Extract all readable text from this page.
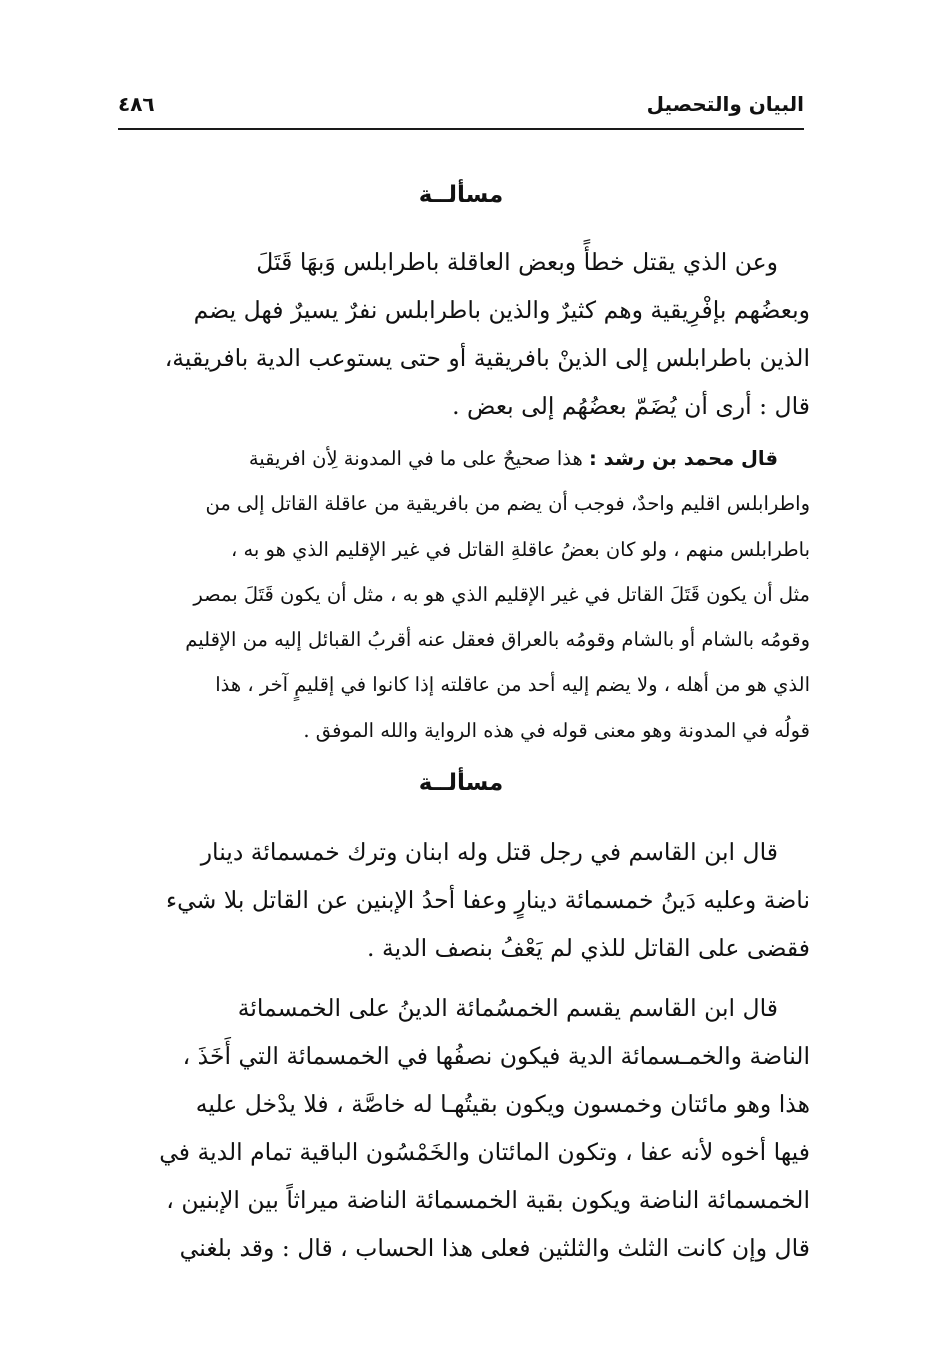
البيان والتحصيل
٤٨٦
مسألــة
وعن الذي يقتل خطأً وبعض العاقلة باطرابلس وَبهَا قَتَلَ
وبعضُهم بإفْرِيقية وهم كثيرٌ والذين باطرابلس نفرٌ يسيرٌ فهل يضم
الذين باطرابلس إلى الذينْ بافريقية أو حتى يستوعب الدية بافريقية،
قال : أرى أن يُضَمّ بعضُهُم إلى بعض .
قال محمد بن رشد : هذا صحيحٌ على ما في المدونة لِأن افريقية
واطرابلس اقليم واحدٌ، فوجب أن يضم من بافريقية من عاقلة القاتل إلى من
باطرابلس منهم ، ولو كان بعضُ عاقلةِ القاتل في غير الإقليم الذي هو به ،
مثل أن يكون قَتَلَ القاتل في غير الإقليم الذي هو به ، مثل أن يكون قَتَلَ بمصر
وقومُه بالشام أو بالشام وقومُه بالعراق فعقل عنه أقربُ القبائل إليه من الإقليم
الذي هو من أهله ، ولا يضم إليه أحد من عاقلته إذا كانوا في إقليمٍ آخر ، هذا
قولُه في المدونة وهو معنى قوله في هذه الرواية والله الموفق .
مسألــة
قال ابن القاسم في رجل قتل وله ابنان وترك خمسمائة دينار
ناضة وعليه دَينُ خمسمائة دينارٍ وعفا أحدُ الإبنين عن القاتل بلا شيء
فقضى على القاتل للذي لم يَعْفُ بنصف الدية .
قال ابن القاسم يقسم الخمسُمائة الدينُ على الخمسمائة
الناضة والخمـسمائة الدية فيكون نصفُها في الخمسمائة التي أَخَذَ ،
هذا وهو مائتان وخمسون ويكون بقيتُهـا له خاصَّة ، فلا يدْخل عليه
فيها أخوه لأنه عفا ، وتكون المائتان والخَمْسُون الباقية تمام الدية في
الخمسمائة الناضة ويكون بقية الخمسمائة الناضة ميراثاً بين الإبنين ،
قال وإن كانت الثلث والثلثين فعلى هذا الحساب ، قال : وقد بلغني
